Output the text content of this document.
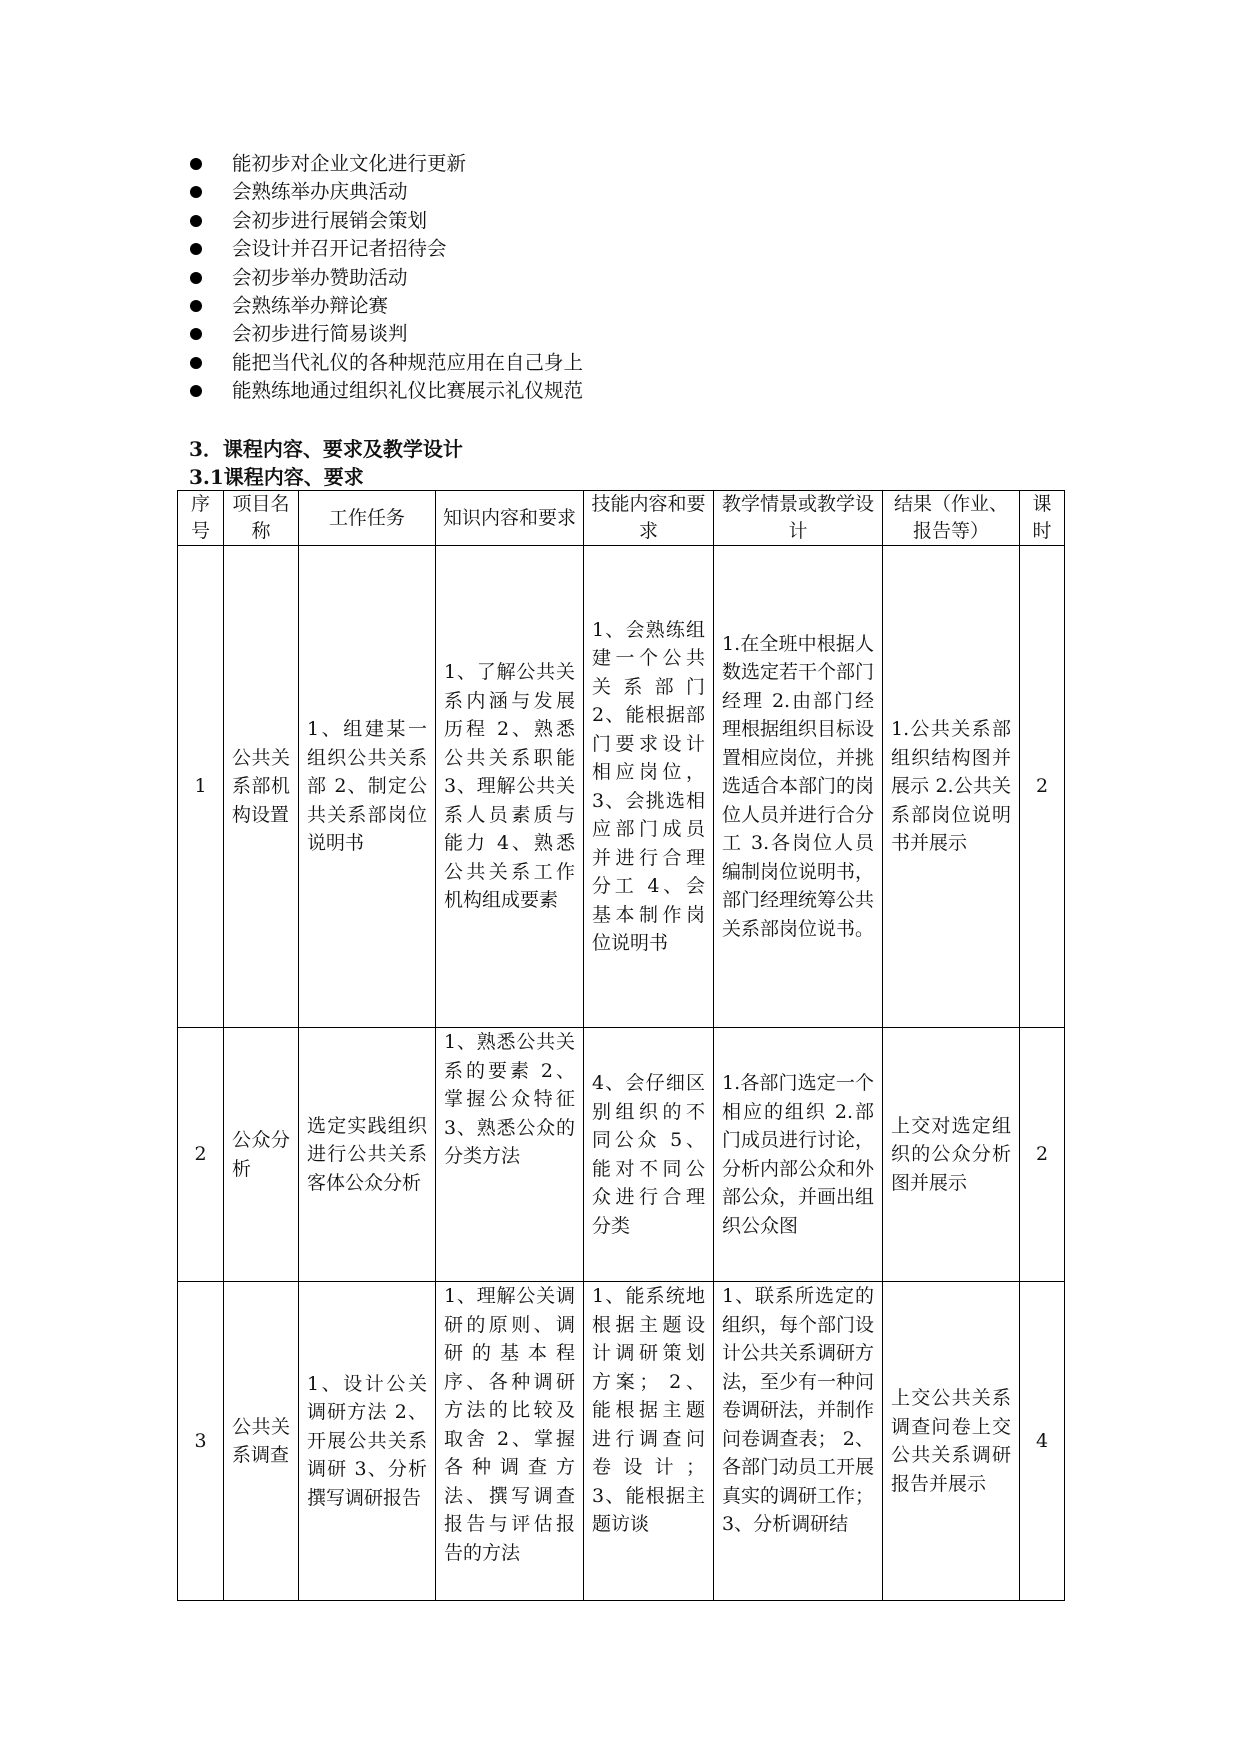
能初步对企业文化进行更新
会熟练举办庆典活动
会初步进行展销会策划
会设计并召开记者招待会
会初步举办赞助活动
会熟练举办辩论赛
会初步进行简易谈判
能把当代礼仪的各种规范应用在自己身上
能熟练地通过组织礼仪比赛展示礼仪规范
3．课程内容、要求及教学设计
3.1课程内容、要求
序号	项目名称	工作任务	知识内容和要求	技能内容和要求	教学情景或教学设计	结果（作业、报告等）	课时
1	公共关系部机构设置	1、组建某一组织公共关系部 2、制定公共关系部岗位说明书	1、了解公共关系内涵与发展历程 2、熟悉公共关系职能 3、理解公共关系人员素质与能力 4、熟悉公共关系工作机构组成要素	1、会熟练组建一个公共关系部门 2、能根据部门要求设计相应岗位， 3、会挑选相应部门成员并进行合理分工 4、会基本制作岗位说明书	1.在全班中根据人数选定若干个部门经理 2.由部门经理根据组织目标设置相应岗位，并挑选适合本部门的岗位人员并进行合分工 3.各岗位人员编制岗位说明书，部门经理统筹公共关系部岗位说书。	1.公共关系部组织结构图并展示 2.公共关系部岗位说明书并展示	2
2	公众分析	选定实践组织进行公共关系客体公众分析	1、熟悉公共关系的要素 2、掌握公众特征 3、熟悉公众的分类方法	4、会仔细区别组织的不同公众 5、能对不同公众进行合理分类	1.各部门选定一个相应的组织 2.部门成员进行讨论，分析内部公众和外部公众，并画出组织公众图	上交对选定组织的公众分析图并展示	2
3	公共关系调查	1、设计公关调研方法 2、开展公共关系调研 3、分析撰写调研报告	1、理解公关调研的原则、调研的基本程序、各种调研方法的比较及取舍 2、掌握各种调查方法、撰写调查报告与评估报告的方法	1、能系统地根据主题设计调研策划方案； 2、能根据主题进行调查问卷设计； 3、能根据主题访谈	1、联系所选定的组织，每个部门设计公共关系调研方法，至少有一种问卷调研法，并制作问卷调查表； 2、各部门动员工开展真实的调研工作； 3、分析调研结	上交公共关系调查问卷上交公共关系调研报告并展示	4
